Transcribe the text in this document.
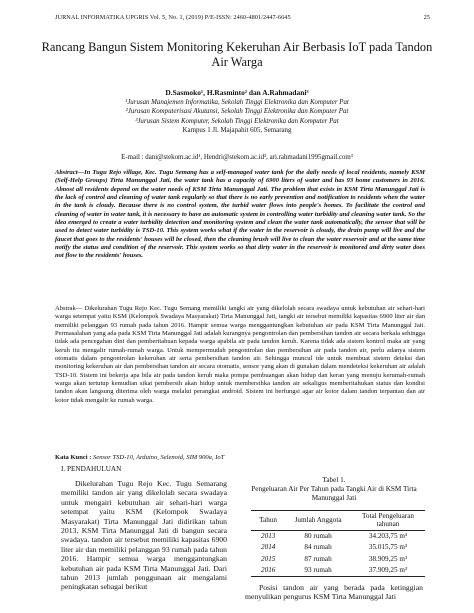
JURNAL INFORMATIKA UPGRIS Vol. 5, No. 1, (2019) P/E-ISSN: 2460-4801/2447-6645	25
Rancang Bangun Sistem Monitoring Kekeruhan Air Berbasis IoT pada Tandon Air Warga
D.Sasmoko¹, H.Rasminto² dan A.Rahmadani³
¹Jurusan Manajemen Informatika, Sekolah Tinggi Elektronika dan Komputer Pat
²Jurusan Komputerisasi Akutansi, Sekolah Tinggi Elektronika dan Komputer Pat
³Jurusan Sistem Komputer, Sekolah Tinggi Elektronika dan Komputer Pat
Kampus 1 Jl. Majapahit 605, Semarang
E-mail : dani@stekom.ac.id¹, Hendri@stekom.ac.id², ari.rahmadani1995gmail.com³
Abstract—In Tugu Rejo village, Kec. Tugu Semang has a self-managed water tank for the daily needs of local residents, namely KSM (Self-Help Groups) Tirta Manunggal Jati, the water tank has a capacity of 6900 liters of water and has 93 home customers in 2016. Almost all residents depend on the water needs of KSM Tirta Manunggal Jati. The problem that exists in KSM Tirta Manunggal Jati is the lack of control and cleaning of water tank regularly so that there is no early prevention and notification to residents when the water in the tank is cloudy. Because there is no control system, the turbid water flows into people's homes. To facilitate the control and cleaning of water in water tank, it is necessary to have an automatic system in controlling water turbidity and cleaning water tank. So the idea emerged to create a water turbidity detection and monitoring system and clean the water tank automatically, the sensor that will be used to detect water turbidity is TSD-10. This system works what if the water in the reservoir is cloudy, the drain pump will live and the faucet that goes to the residents' houses will be closed, then the cleaning brush will live to clean the water reservoir and at the same time notify the status and condition of the reservoir. This system works so that dirty water in the reservoir is monitored and dirty water does not flow to the residents' houses.
Abstrak— Dikelurahan Tugu Rejo Kec. Tugu Semang memiliki tangki air yang dikelolah secara swadaya untuk kebutuhan air sehari-hari warga setempat yaitu KSM (Kelompok Swadaya Masyarakat) Tirta Manunggal Jati, tangki air tersebut memiliki kapasitas 6900 liter air dan memiliki pelanggan 93 rumah pada tahun 2016. Hampir semua warga menggantungkan kebutuhan air pada KSM Tirta Manunggal Jati. Permasalahan yang ada pada KSM Tirta Manunggal Jati adalah kurangnya pengontrolan dan pembersihan tandon air secara berkala sehingga tidak ada pencegahan dini dan pemberitahuan kepada warga apabila air pada tandon keruh. Karena tidak ada sistem kontrol maka air yang keruh itu mengalir rumah-rumah warga. Untuk mempermudah pengontrolan dan pembersihan air pada tandon air, perlu adanya sistem otomatis dalam pengontrolan kekeruhan air serta pembersihan tandon air. Sehingga muncul ide untuk membuat sistem deteksi dan monitoring kekeruhan air dan pembersihan tandon air secara otomatis, sensor yang akan di gunakan dalam mendeteksi kekeruhan air adalah TSD-10. Sistem ini bekerja apa bila air pada tandon keruh maka pompa pembuangan akan hidup dan keran yang menuju kerumah-rumah warga akan tertutup kemudian sikat pembersih akan hidup untuk membersihka tandon air sekaligus memberitahukan status dan kondisi tandon akan langsung diterima oleh warga melalui perangkat android. Sistem ini berfungsi agar air kotor dalam tandon terpantau dan air kotor tidak mengalir ke rumah warga.
Kata Kunci : Sensor TSD-10, Arduino, Selenoid, SIM 900a, IoT
I. PENDAHULUAN
Dikelurahan Tugu Rejo Kec. Tugu Semarang memiliki tandon air yang dikelolah secara swadaya untuk mengairi kebutuhan air sehari-hari warga setempat yaitu KSM (Kelompok Swadaya Masyarakat) Tirta Manunggal Jati didirikan tahun 2013, KSM Tirta Manunggal Jati di bangun secara swadaya. tandon air tersebut memiliki kapasitas 6900 liter air dan memiliki pelanggan 93 rumah pada tahun 2016. Hampir semua warga menggantungkan kebutuhan air pada KSM Tirta Manunggal Jati. Dari tahun 2013 jumlah penggunaan air mengalami peningkatan sebagai berikut
Tabel 1.
Pengeluaran Air Per Tahun pada Tangki Air di KSM Tirta Manunggal Jati
Tahun	Jumlah Anggota	Total Pengeluaran tahunan
2013	80 rumah	34.203,75 m³
2014	84 rumah	35.015,75 m³
2015	87 rumah	38.909,25 m³
2016	93 rumah	37.909,25 m³
Posisi tandon air yang berada pada ketinggian menyulikan pengurus KSM Tirta Manunggal Jati
